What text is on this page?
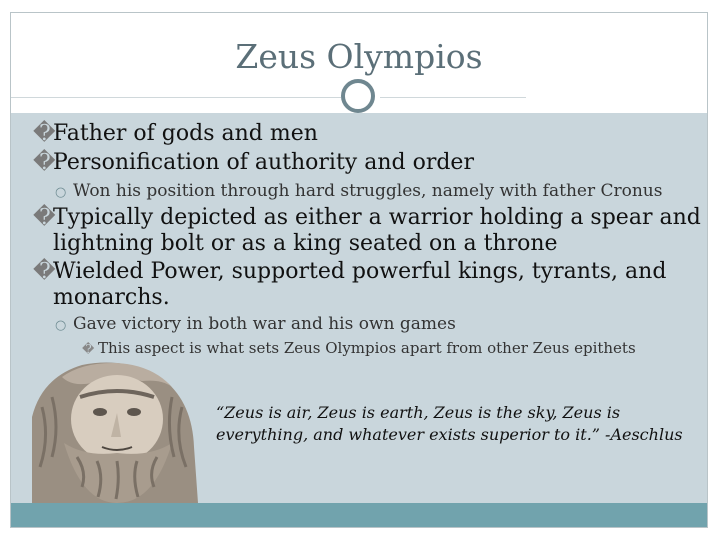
Zeus Olympios
�Father of gods and men
�Personification of authority and order
○ Won his position through hard struggles, namely with father Cronus
�Typically depicted as either a warrior holding a spear and
lightning bolt or as a king seated on a throne
�Wielded Power, supported powerful kings, tyrants, and
monarchs.
○ Gave victory in both war and his own games
� This aspect is what sets Zeus Olympios apart from other Zeus epithets
“Zeus is air, Zeus is earth, Zeus is the sky, Zeus is
everything, and whatever exists superior to it.” -Aeschlus
